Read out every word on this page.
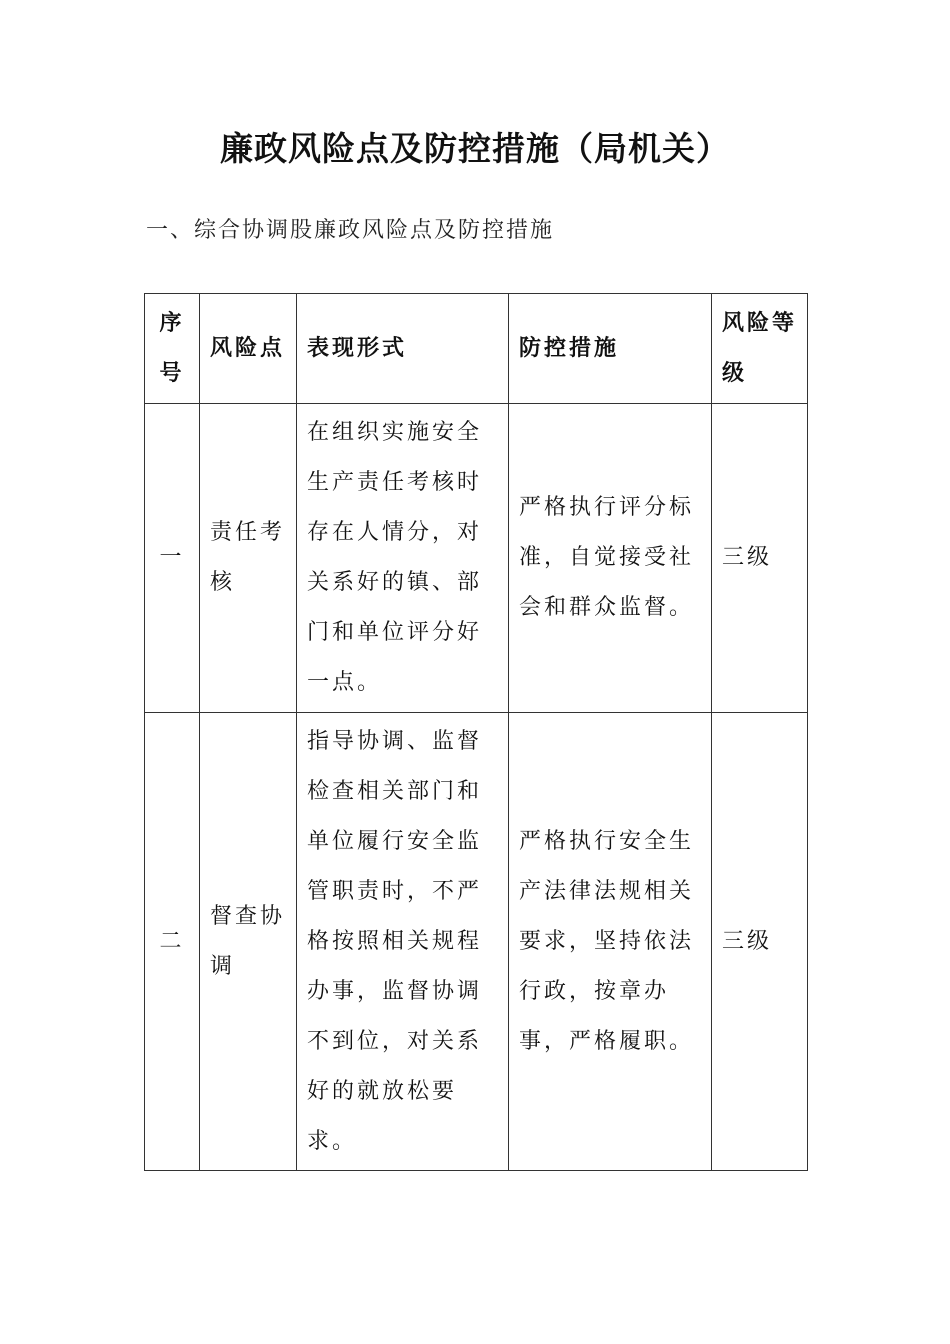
廉政风险点及防控措施（局机关）
一、综合协调股廉政风险点及防控措施
序号	风险点	表现形式	防控措施	风险等级

一	责任考核	在组织实施安全生产责任考核时存在人情分，对关系好的镇、部门和单位评分好一点。	严格执行评分标准，自觉接受社会和群众监督。	三级

二	督查协调	指导协调、监督检查相关部门和单位履行安全监管职责时，不严格按照相关规程办事，监督协调不到位，对关系好的就放松要求。	严格执行安全生产法律法规相关要求，坚持依法行政，按章办事，严格履职。	三级
